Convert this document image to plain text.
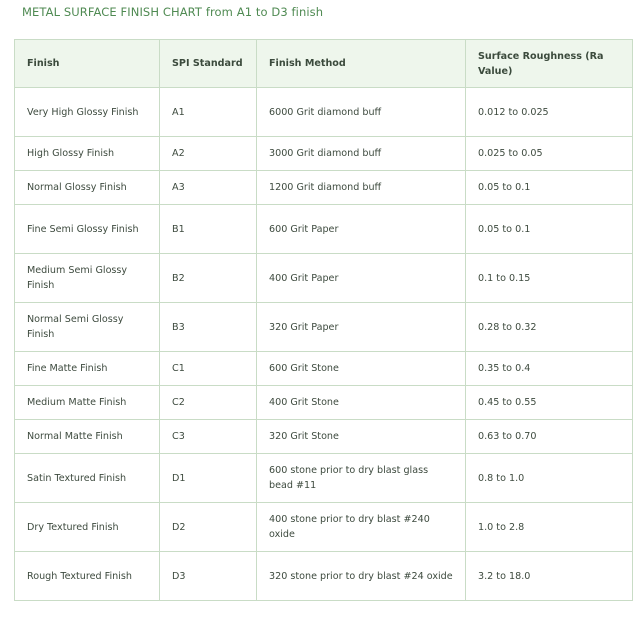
METAL SURFACE FINISH CHART from A1 to D3 finish
Finish	SPI Standard	Finish Method	Surface Roughness (Ra Value)
Very High Glossy Finish	A1	6000 Grit diamond buff	0.012 to 0.025
High Glossy Finish	A2	3000 Grit diamond buff	0.025 to 0.05
Normal Glossy Finish	A3	1200 Grit diamond buff	0.05 to 0.1
Fine Semi Glossy Finish	B1	600 Grit Paper	0.05 to 0.1
Medium Semi Glossy Finish	B2	400 Grit Paper	0.1 to 0.15
Normal Semi Glossy Finish	B3	320 Grit Paper	0.28 to 0.32
Fine Matte Finish	C1	600 Grit Stone	0.35 to 0.4
Medium Matte Finish	C2	400 Grit Stone	0.45 to 0.55
Normal Matte Finish	C3	320 Grit Stone	0.63 to 0.70
Satin Textured Finish	D1	600 stone prior to dry blast glass bead #11	0.8 to 1.0
Dry Textured Finish	D2	400 stone prior to dry blast #240 oxide	1.0 to 2.8
Rough Textured Finish	D3	320 stone prior to dry blast #24 oxide	3.2 to 18.0
